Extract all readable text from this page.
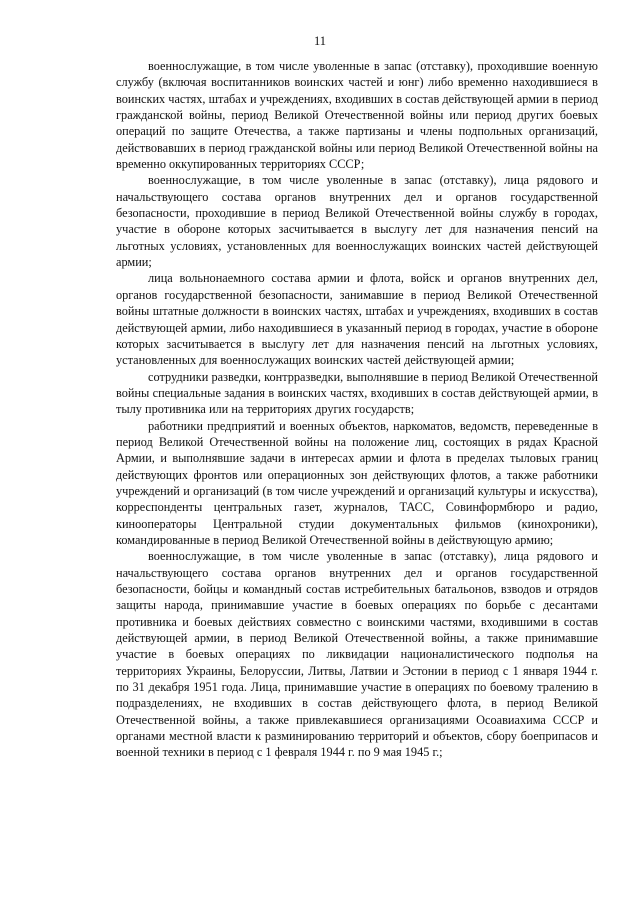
11

военнослужащие, в том числе уволенные в запас (отставку), проходившие военную службу (включая воспитанников воинских частей и юнг) либо временно находившиеся в воинских частях, штабах и учреждениях, входивших в состав действующей армии в период гражданской войны, период Великой Отечественной войны или период других боевых операций по защите Отечества, а также партизаны и члены подпольных организаций, действовавших в период гражданской войны или период Великой Отечественной войны на временно оккупированных территориях СССР;

военнослужащие, в том числе уволенные в запас (отставку), лица рядового и начальствующего состава органов внутренних дел и органов государственной безопасности, проходившие в период Великой Отечественной войны службу в городах, участие в обороне которых засчитывается в выслугу лет для назначения пенсий на льготных условиях, установленных для военнослужащих воинских частей действующей армии;

лица вольнонаемного состава армии и флота, войск и органов внутренних дел, органов государственной безопасности, занимавшие в период Великой Отечественной войны штатные должности в воинских частях, штабах и учреждениях, входивших в состав действующей армии, либо находившиеся в указанный период в городах, участие в обороне которых засчитывается в выслугу лет для назначения пенсий на льготных условиях, установленных для военнослужащих воинских частей действующей армии;

сотрудники разведки, контрразведки, выполнявшие в период Великой Отечественной войны специальные задания в воинских частях, входивших в состав действующей армии, в тылу противника или на территориях других государств;

работники предприятий и военных объектов, наркоматов, ведомств, переведенные в период Великой Отечественной войны на положение лиц, состоящих в рядах Красной Армии, и выполнявшие задачи в интересах армии и флота в пределах тыловых границ действующих фронтов или операционных зон действующих флотов, а также работники учреждений и организаций (в том числе учреждений и организаций культуры и искусства), корреспонденты центральных газет, журналов, ТАСС, Совинформбюро и радио, кинооператоры Центральной студии документальных фильмов (кинохроники), командированные в период Великой Отечественной войны в действующую армию;

военнослужащие, в том числе уволенные в запас (отставку), лица рядового и начальствующего состава органов внутренних дел и органов государственной безопасности, бойцы и командный состав истребительных батальонов, взводов и отрядов защиты народа, принимавшие участие в боевых операциях по борьбе с десантами противника и боевых действиях совместно с воинскими частями, входившими в состав действующей армии, в период Великой Отечественной войны, а также принимавшие участие в боевых операциях по ликвидации националистического подполья на территориях Украины, Белоруссии, Литвы, Латвии и Эстонии в период с 1 января 1944 г. по 31 декабря 1951 года. Лица, принимавшие участие в операциях по боевому тралению в подразделениях, не входивших в состав действующего флота, в период Великой Отечественной войны, а также привлекавшиеся организациями Осоавиахима СССР и органами местной власти к разминированию территорий и объектов, сбору боеприпасов и военной техники в период с 1 февраля 1944 г. по 9 мая 1945 г.;
